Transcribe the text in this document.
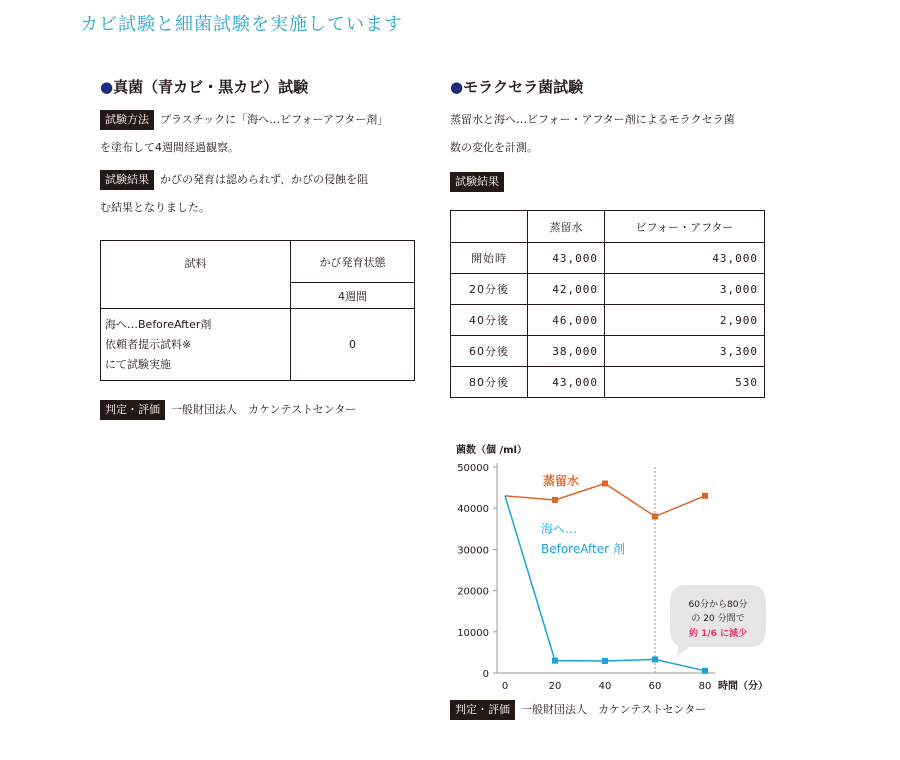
カビ試験と細菌試験を実施しています
●真菌（青カビ・黒カビ）試験
試験方法 プラスチックに「海へ…ビフォーアフター剤」
を塗布して4週間経過観察。
試験結果 かびの発育は認められず、かびの侵蝕を阻
む結果となりました。
試料	かび発育状態
	4週間
海へ…BeforeAfter剤
依頼者提示試料※
にて試験実施	0
判定・評価 一般財団法人　カケンテストセンター
●モラクセラ菌試験
蒸留水と海へ…ビフォー・アフター剤によるモラクセラ菌
数の変化を計測。
試験結果
	蒸留水	ビフォー・アフター
開始時	43,000	43,000
20分後	42,000	3,000
40分後	46,000	2,900
60分後	38,000	3,300
80分後	43,000	530
0
10000
20000
30000
40000
50000
0	20	40	60	80
菌数（個 /ml）
時間（分）
蒸留水
海へ…
BeforeAfter 剤
60分から80分
の 20 分間で
約 1/6 に減少
判定・評価 一般財団法人　カケンテストセンター
